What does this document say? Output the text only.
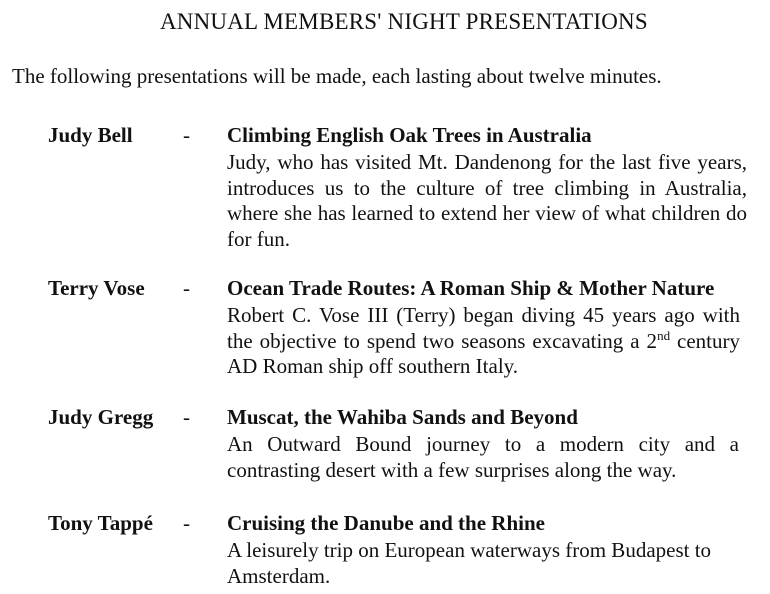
ANNUAL MEMBERS' NIGHT PRESENTATIONS
The following presentations will be made, each lasting about twelve minutes.
Judy Bell - Climbing English Oak Trees in Australia
Judy, who has visited Mt. Dandenong for the last five years, introduces us to the culture of tree climbing in Australia, where she has learned to extend her view of what children do for fun.
Terry Vose - Ocean Trade Routes: A Roman Ship & Mother Nature
Robert C. Vose III (Terry) began diving 45 years ago with the objective to spend two seasons excavating a 2nd century AD Roman ship off southern Italy.
Judy Gregg - Muscat, the Wahiba Sands and Beyond
An Outward Bound journey to a modern city and a contrasting desert with a few surprises along the way.
Tony Tappé - Cruising the Danube and the Rhine
A leisurely trip on European waterways from Budapest to Amsterdam.
